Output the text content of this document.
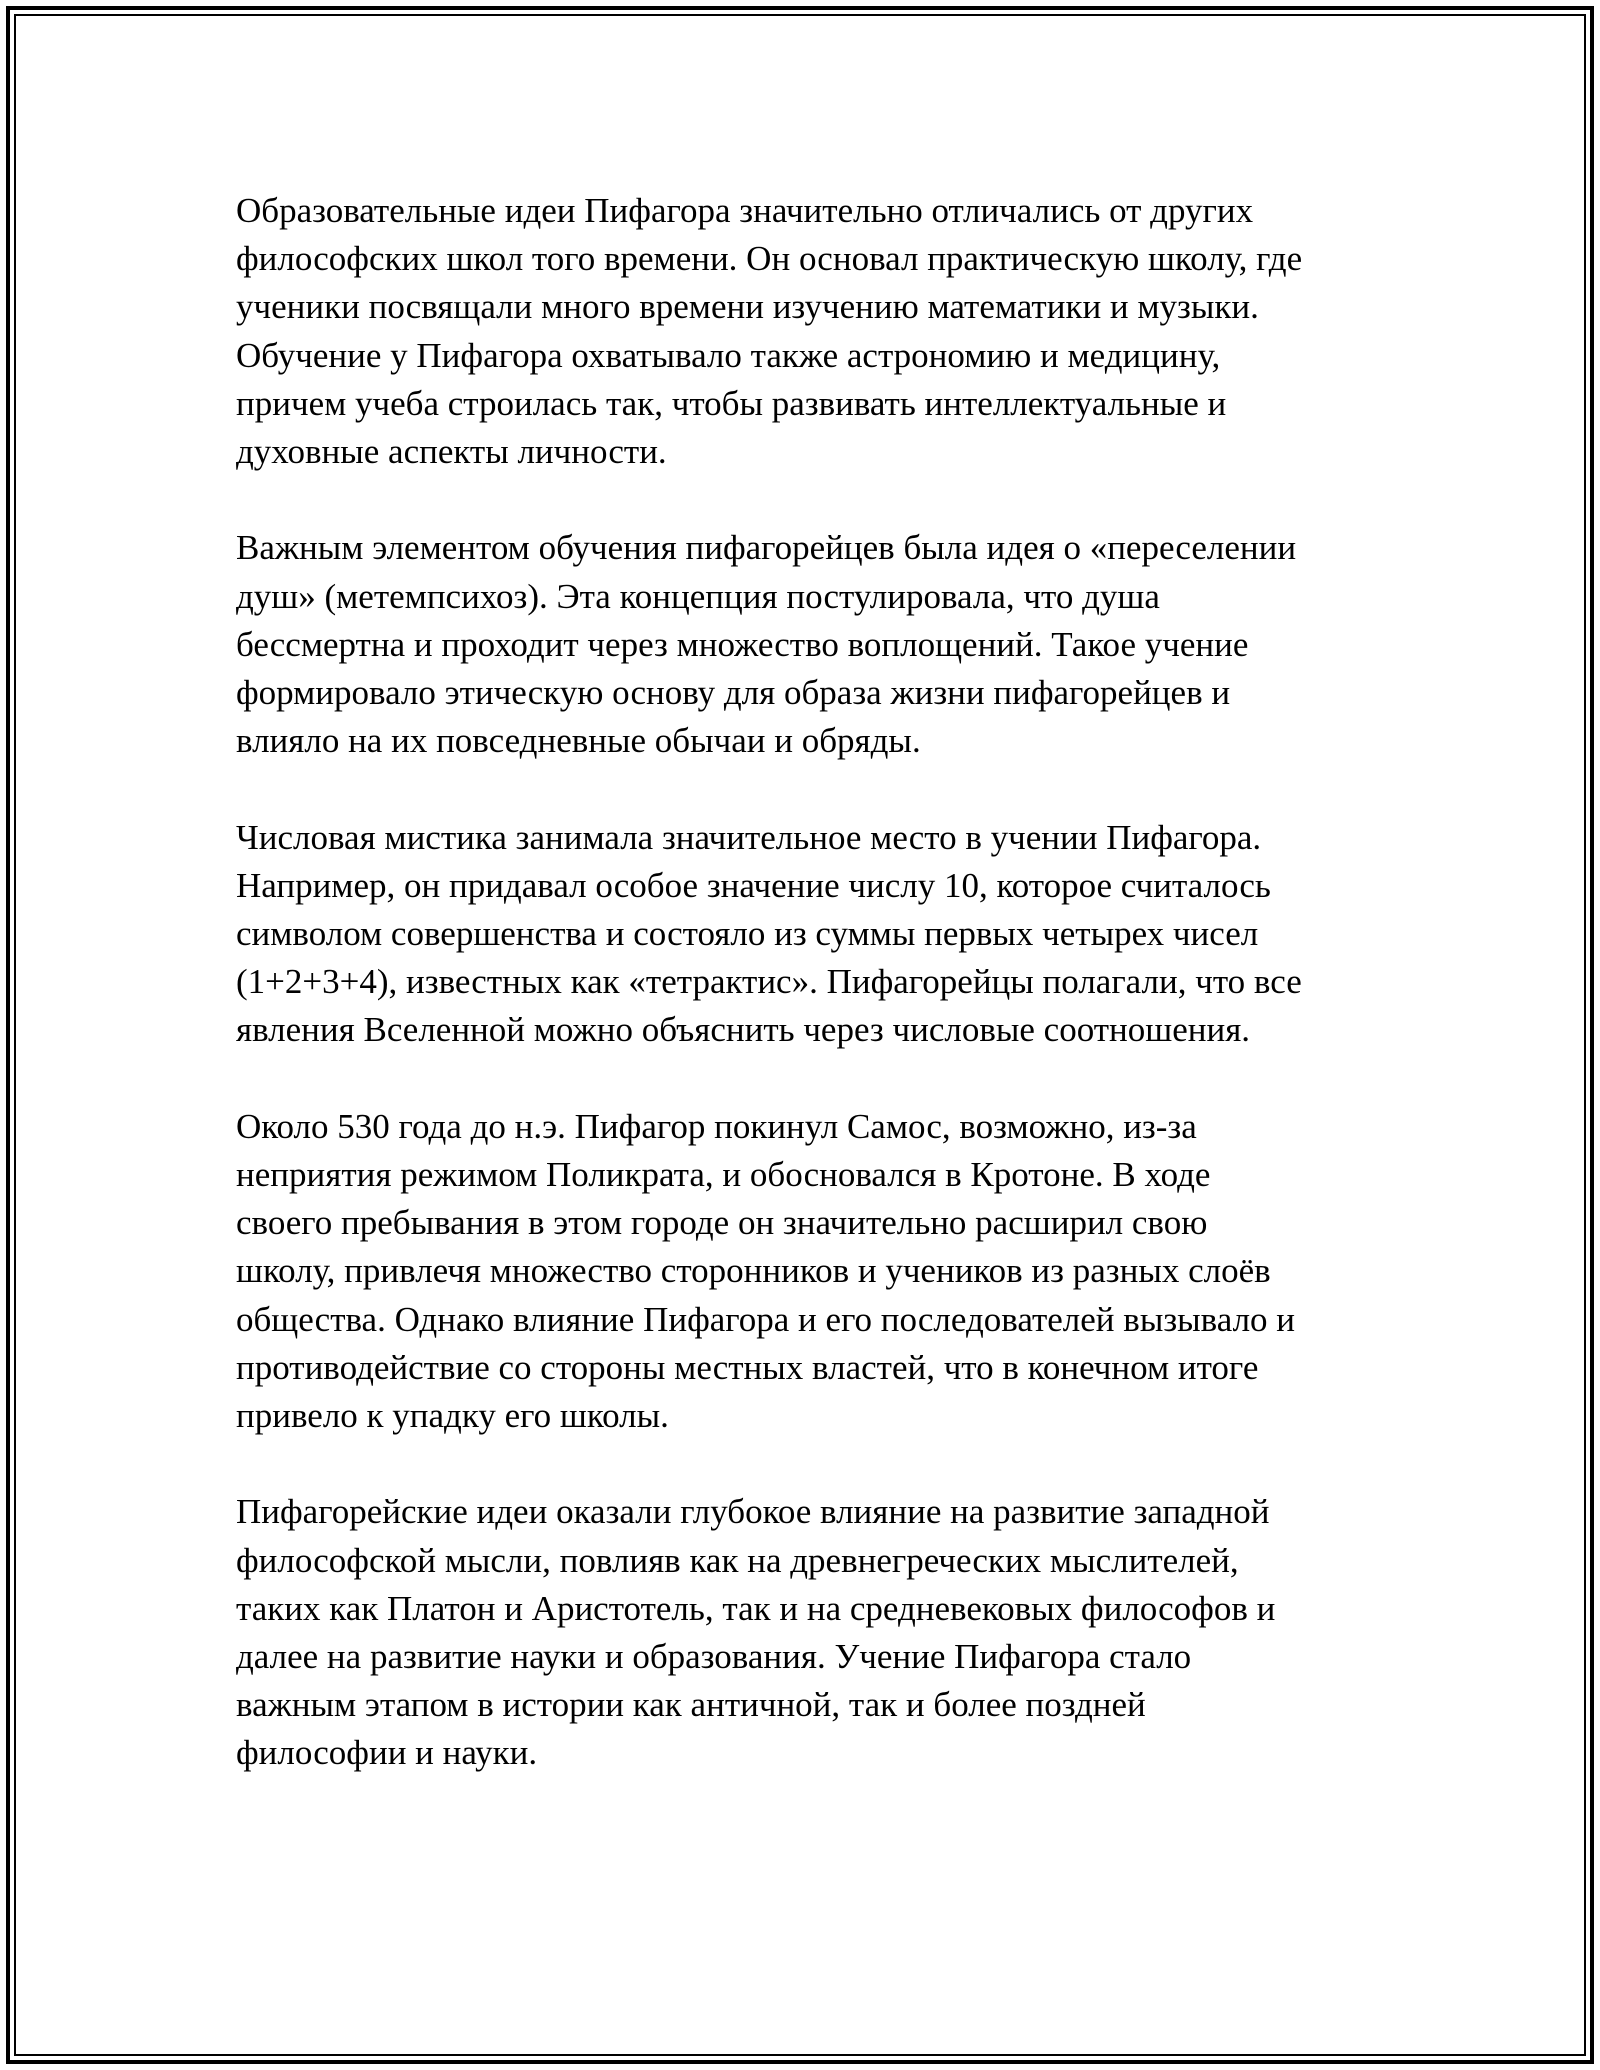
Образовательные идеи Пифагора значительно отличались от других
философских школ того времени. Он основал практическую школу, где
ученики посвящали много времени изучению математики и музыки.
Обучение у Пифагора охватывало также астрономию и медицину,
причем учеба строилась так, чтобы развивать интеллектуальные и
духовные аспекты личности.

Важным элементом обучения пифагорейцев была идея о «переселении
душ» (метемпсихоз). Эта концепция постулировала, что душа
бессмертна и проходит через множество воплощений. Такое учение
формировало этическую основу для образа жизни пифагорейцев и
влияло на их повседневные обычаи и обряды.

Числовая мистика занимала значительное место в учении Пифагора.
Например, он придавал особое значение числу 10, которое считалось
символом совершенства и состояло из суммы первых четырех чисел
(1+2+3+4), известных как «тетрактис». Пифагорейцы полагали, что все
явления Вселенной можно объяснить через числовые соотношения.

Около 530 года до н.э. Пифагор покинул Самос, возможно, из-за
неприятия режимом Поликрата, и обосновался в Кротоне. В ходе
своего пребывания в этом городе он значительно расширил свою
школу, привлечя множество сторонников и учеников из разных слоёв
общества. Однако влияние Пифагора и его последователей вызывало и
противодействие со стороны местных властей, что в конечном итоге
привело к упадку его школы.

Пифагорейские идеи оказали глубокое влияние на развитие западной
философской мысли, повлияв как на древнегреческих мыслителей,
таких как Платон и Аристотель, так и на средневековых философов и
далее на развитие науки и образования. Учение Пифагора стало
важным этапом в истории как античной, так и более поздней
философии и науки.
